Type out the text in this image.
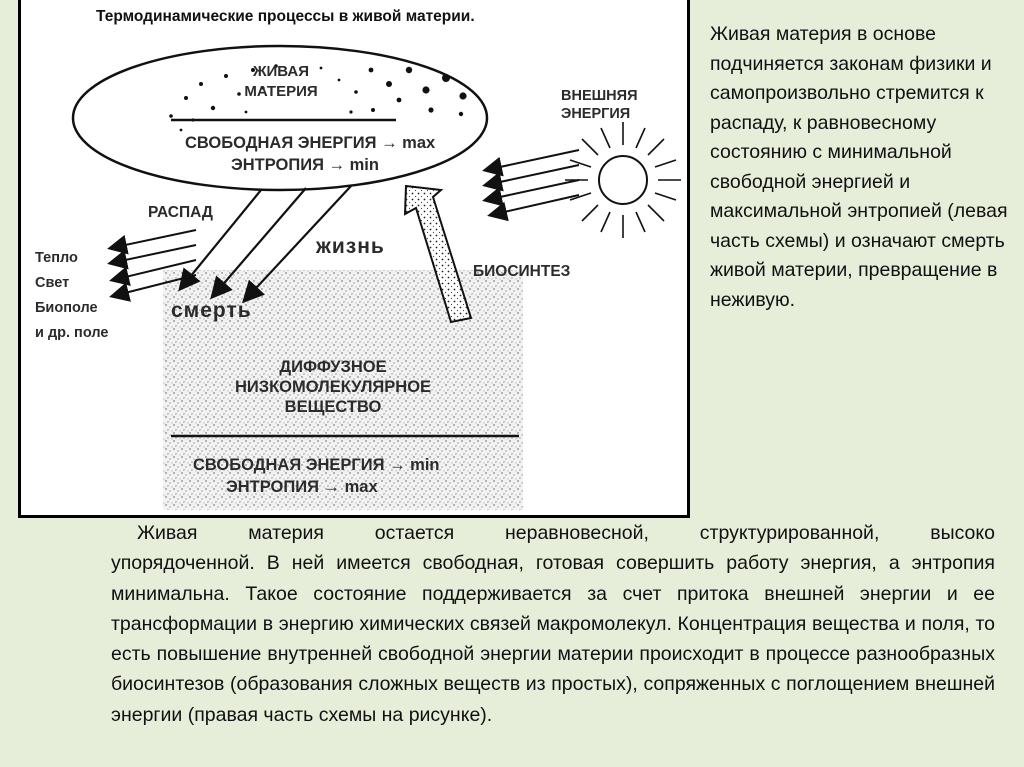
Термодинамические процессы в живой материи.
ЖИВАЯ
МАТЕРИЯ
СВОБОДНАЯ ЭНЕРГИЯ → max
ЭНТРОПИЯ → min
ВНЕШНЯЯ
ЭНЕРГИЯ
БИОСИНТЕЗ
РАСПАД
Тепло
Свет
Биополе
и др. поле
жизнь
смерть
ДИФФУЗНОЕ
НИЗКОМОЛЕКУЛЯРНОЕ
ВЕЩЕСТВО
СВОБОДНАЯ ЭНЕРГИЯ → min
ЭНТРОПИЯ → max

Живая материя в основе подчиняется законам физики и самопроизвольно стремится к распаду, к равновесному состоянию с минимальной свободной энергией и максимальной энтропией (левая часть схемы) и означают смерть живой материи, превращение в неживую.

Живая материя остается неравновесной, структурированной, высоко
упорядоченной. В ней имеется свободная, готовая совершить работу энергия, а энтропия минимальна. Такое состояние поддерживается за счет притока внешней энергии и ее трансформации в энергию химических связей макромолекул. Концентрация вещества и поля, то есть повышение внутренней свободной энергии материи происходит в процессе разнообразных биосинтезов (образования сложных веществ из простых), сопряженных с поглощением внешней энергии (правая часть схемы на рисунке).
